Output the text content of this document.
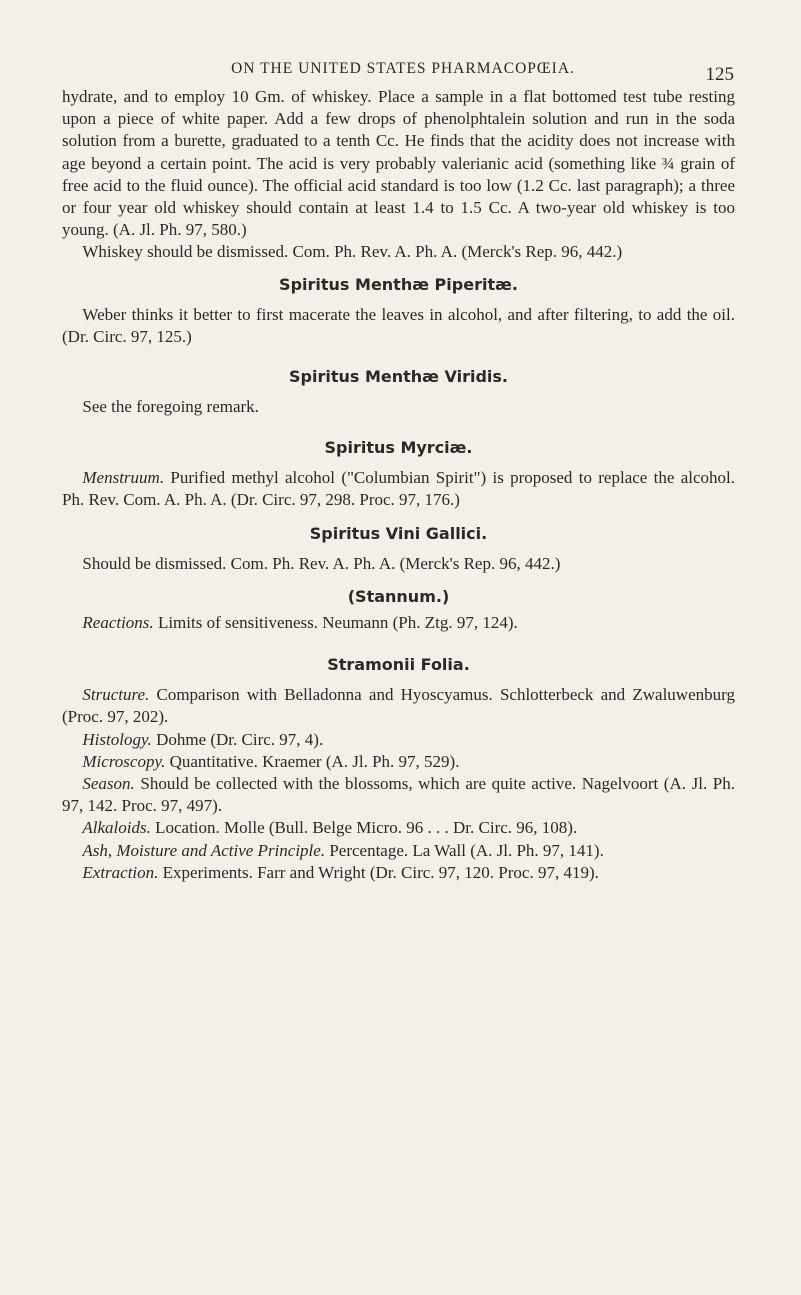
ON THE UNITED STATES PHARMACOPŒIA.	125

hydrate, and to employ 10 Gm. of whiskey. Place a sample in a flat bottomed test tube resting upon a piece of white paper. Add a few drops of phenolphtalein solution and run in the soda solution from a burette, graduated to a tenth Cc. He finds that the acidity does not increase with age beyond a certain point. The acid is very probably valerianic acid (something like ¾ grain of free acid to the fluid ounce). The official acid standard is too low (1.2 Cc. last paragraph); a three or four year old whiskey should contain at least 1.4 to 1.5 Cc. A two-year old whiskey is too young. (A. Jl. Ph. 97, 580.)

Whiskey should be dismissed. Com. Ph. Rev. A. Ph. A. (Merck's Rep. 96, 442.)

Spiritus Menthæ Piperitæ.

Weber thinks it better to first macerate the leaves in alcohol, and after filtering, to add the oil. (Dr. Circ. 97, 125.)

Spiritus Menthæ Viridis.

See the foregoing remark.

Spiritus Myrciæ.

Menstruum. Purified methyl alcohol ("Columbian Spirit") is proposed to replace the alcohol. Ph. Rev. Com. A. Ph. A. (Dr. Circ. 97, 298. Proc. 97, 176.)

Spiritus Vini Gallici.

Should be dismissed. Com. Ph. Rev. A. Ph. A. (Merck's Rep. 96, 442.)

(Stannum.)

Reactions. Limits of sensitiveness. Neumann (Ph. Ztg. 97, 124).

Stramonii Folia.

Structure. Comparison with Belladonna and Hyoscyamus. Schlotterbeck and Zwaluwenburg (Proc. 97, 202).

Histology. Dohme (Dr. Circ. 97, 4).

Microscopy. Quantitative. Kraemer (A. Jl. Ph. 97, 529).

Season. Should be collected with the blossoms, which are quite active. Nagelvoort (A. Jl. Ph. 97, 142. Proc. 97, 497).

Alkaloids. Location. Molle (Bull. Belge Micro. 96 . . . Dr. Circ. 96, 108).

Ash, Moisture and Active Principle. Percentage. La Wall (A. Jl. Ph. 97, 141).

Extraction. Experiments. Farr and Wright (Dr. Circ. 97, 120. Proc. 97, 419).
